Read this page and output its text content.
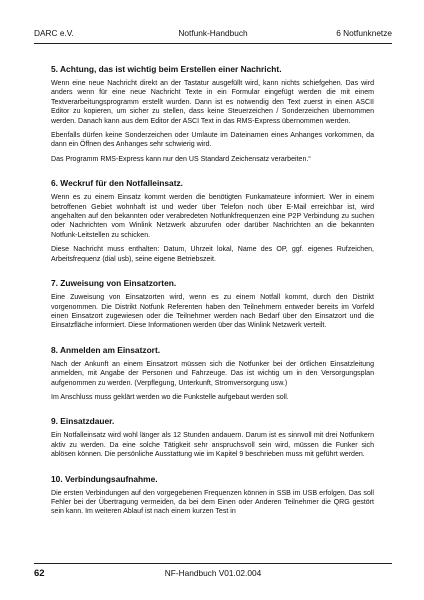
DARC e.V.	Notfunk-Handbuch	6 Notfunknetze
5. Achtung, das ist wichtig beim Erstellen einer Nachricht.

Wenn eine neue Nachricht direkt an der Tastatur ausgefüllt wird, kann nichts schiefgehen. Das wird anders wenn für eine neue Nachricht Texte in ein Formular eingefügt werden die mit einem Textverarbeitungsprogramm erstellt wurden. Dann ist es notwendig den Text zuerst in einen ASCII Editor zu kopieren, um sicher zu stellen, dass keine Steuerzeichen / Sonderzeichen übernommen werden. Danach kann aus dem Editor der ASCI Text in das RMS-Express übernommen werden.

Ebenfalls dürfen keine Sonderzeichen oder Umlaute im Dateinamen eines Anhanges vorkommen, da dann ein Öffnen des Anhanges sehr schwierig wird.

Das Programm RMS-Express kann nur den US Standard Zeichensatz verarbeiten.“

6. Weckruf für den Notfalleinsatz.

Wenn es zu einem Einsatz kommt werden die benötigten Funkamateure informiert. Wer in einem betroffenen Gebiet wohnhaft ist und weder über Telefon noch über E-Mail erreichbar ist, wird angehalten auf den bekannten oder verabredeten Notfunkfrequenzen eine P2P Verbindung zu suchen oder Nachrichten vom Winlink Netzwerk abzurufen oder darüber Nachrichten an die bekannten Notfunk-Leitstellen zu schicken.

Diese Nachricht muss enthalten: Datum, Uhrzeit lokal, Name des OP, ggf. eigenes Rufzeichen, Arbeitsfrequenz (dial usb), seine eigene Betriebszeit.

7. Zuweisung von Einsatzorten.

Eine Zuweisung von Einsatzorten wird, wenn es zu einem Notfall kommt, durch den Distrikt vorgenommen. Die Distrikt Notfunk Referenten haben den Teilnehmern entweder bereits im Vorfeld einen Einsatzort zugewiesen oder die Teilnehmer werden nach Bedarf über den Einsatzort und die Einsatzfläche informiert. Diese Informationen werden über das Winlink Netzwerk verteilt.

8. Anmelden am Einsatzort.

Nach der Ankunft an einem Einsatzort müssen sich die Notfunker bei der örtlichen Einsatzleitung anmelden, mit Angabe der Personen und Fahrzeuge. Das ist wichtig um in den Versorgungsplan aufgenommen zu werden. (Verpflegung, Unterkunft, Stromversorgung usw.)

Im Anschluss muss geklärt werden wo die Funkstelle aufgebaut werden soll.

9. Einsatzdauer.

Ein Notfalleinsatz wird wohl länger als 12 Stunden andauern. Darum ist es sinnvoll mit drei Notfunkern aktiv zu werden. Da eine solche Tätigkeit sehr anspruchsvoll sein wird, müssen die Funker sich ablösen können. Die persönliche Ausstattung wie im Kapitel 9 beschrieben muss mit geführt werden.

10. Verbindungsaufnahme.

Die ersten Verbindungen auf den vorgegebenen Frequenzen können in SSB im USB erfolgen. Das soll Fehler bei der Übertragung vermeiden, da bei dem Einen oder Anderen Teilnehmer die QRG gestört sein kann. Im weiteren Ablauf ist nach einem kurzen Test in

62	NF-Handbuch V01.02.004
